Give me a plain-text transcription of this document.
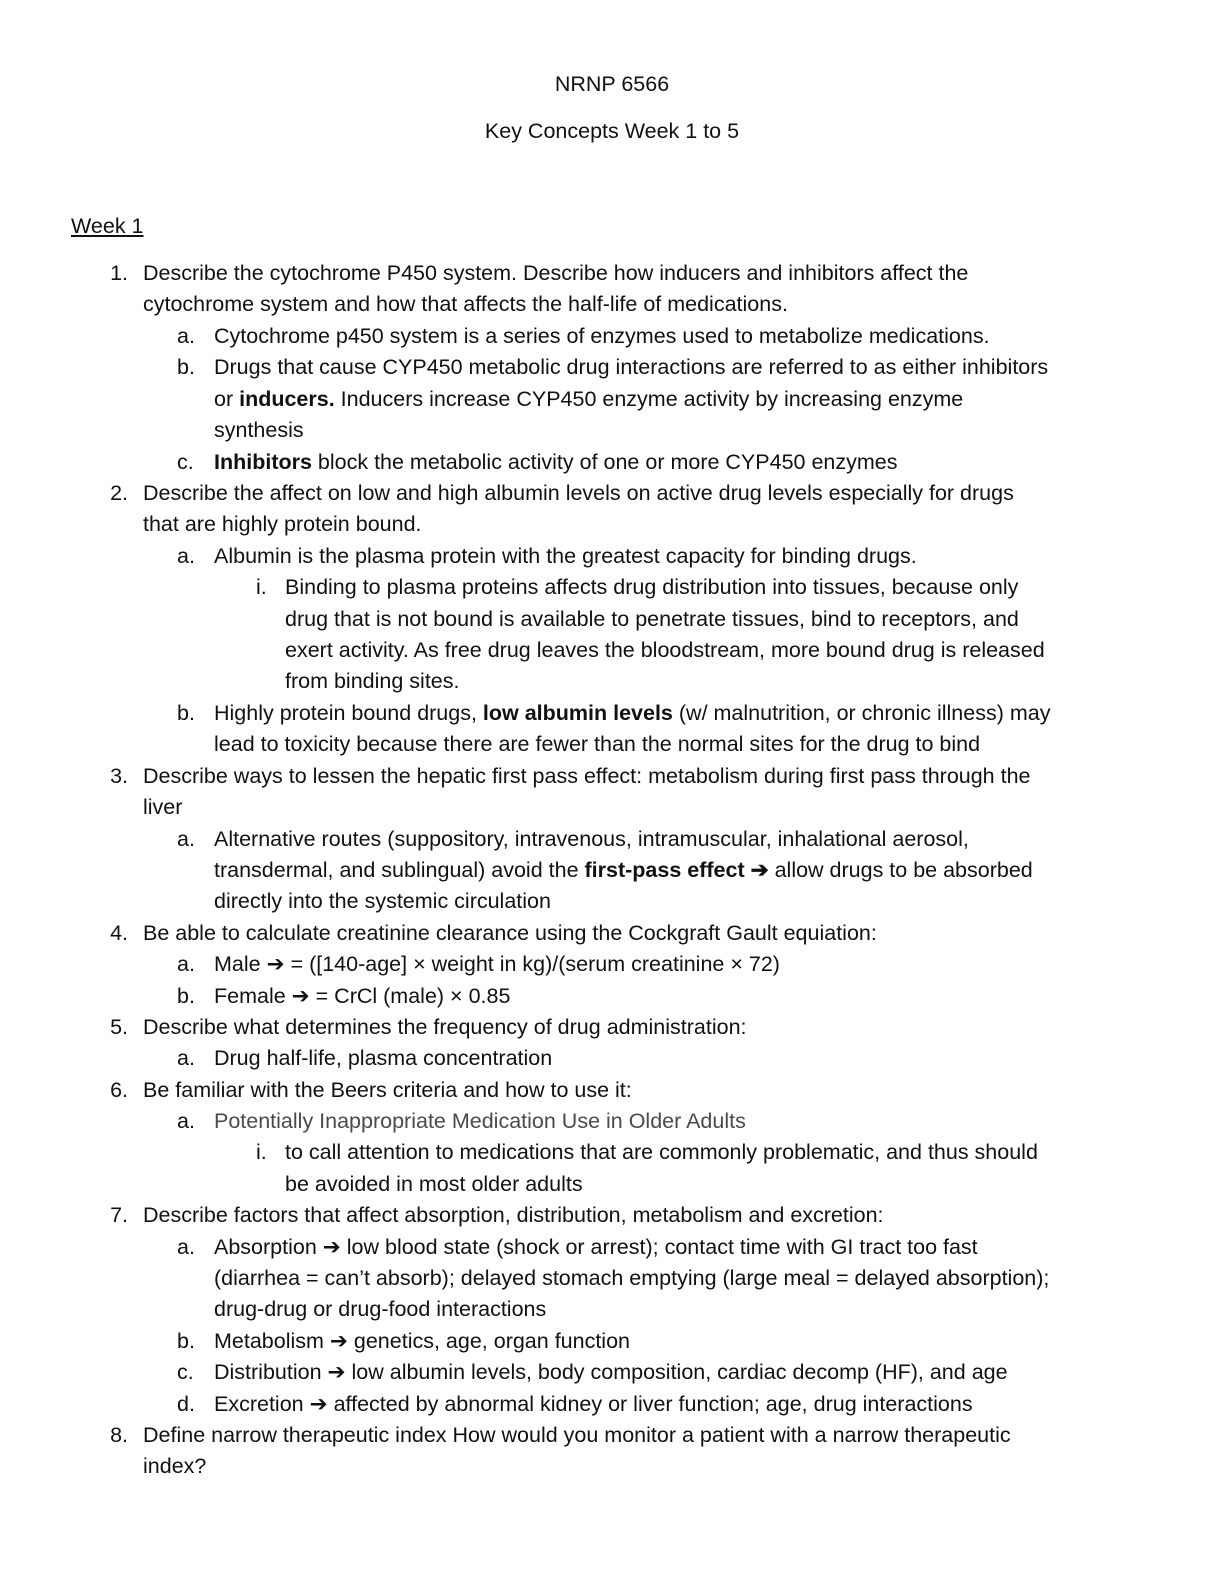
NRNP 6566
Key Concepts Week 1 to 5
Week 1
1. Describe the cytochrome P450 system. Describe how inducers and inhibitors affect the
cytochrome system and how that affects the half-life of medications.
a. Cytochrome p450 system is a series of enzymes used to metabolize medications.
b. Drugs that cause CYP450 metabolic drug interactions are referred to as either inhibitors
or inducers. Inducers increase CYP450 enzyme activity by increasing enzyme
synthesis
c. Inhibitors block the metabolic activity of one or more CYP450 enzymes
2. Describe the affect on low and high albumin levels on active drug levels especially for drugs
that are highly protein bound.
a. Albumin is the plasma protein with the greatest capacity for binding drugs.
i. Binding to plasma proteins affects drug distribution into tissues, because only
drug that is not bound is available to penetrate tissues, bind to receptors, and
exert activity. As free drug leaves the bloodstream, more bound drug is released
from binding sites.
b. Highly protein bound drugs, low albumin levels (w/ malnutrition, or chronic illness) may
lead to toxicity because there are fewer than the normal sites for the drug to bind
3. Describe ways to lessen the hepatic first pass effect: metabolism during first pass through the
liver
a. Alternative routes (suppository, intravenous, intramuscular, inhalational aerosol,
transdermal, and sublingual) avoid the first-pass effect ➔ allow drugs to be absorbed
directly into the systemic circulation
4. Be able to calculate creatinine clearance using the Cockgraft Gault equiation:
a. Male ➔ = ([140-age] × weight in kg)/(serum creatinine × 72)
b. Female ➔ = CrCl (male) × 0.85
5. Describe what determines the frequency of drug administration:
a. Drug half-life, plasma concentration
6. Be familiar with the Beers criteria and how to use it:
a. Potentially Inappropriate Medication Use in Older Adults
i. to call attention to medications that are commonly problematic, and thus should
be avoided in most older adults
7. Describe factors that affect absorption, distribution, metabolism and excretion:
a. Absorption ➔ low blood state (shock or arrest); contact time with GI tract too fast
(diarrhea = can’t absorb); delayed stomach emptying (large meal = delayed absorption);
drug-drug or drug-food interactions
b. Metabolism ➔ genetics, age, organ function
c. Distribution ➔ low albumin levels, body composition, cardiac decomp (HF), and age
d. Excretion ➔ affected by abnormal kidney or liver function; age, drug interactions
8. Define narrow therapeutic index How would you monitor a patient with a narrow therapeutic
index?
